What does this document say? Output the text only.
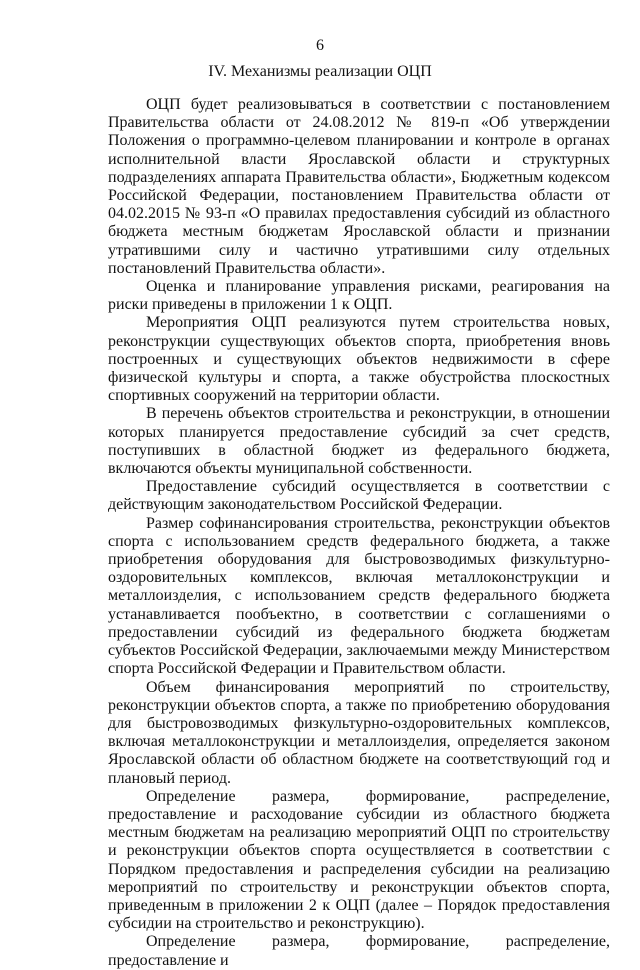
6
IV. Механизмы реализации ОЦП

ОЦП будет реализовываться в соответствии с постановлением Правительства области от 24.08.2012 № 819-п «Об утверждении Положения о программно-целевом планировании и контроле в органах исполнительной власти Ярославской области и структурных подразделениях аппарата Правительства области», Бюджетным кодексом Российской Федерации, постановлением Правительства области от 04.02.2015 № 93-п «О правилах предоставления субсидий из областного бюджета местным бюджетам Ярославской области и признании утратившими силу и частично утратившими силу отдельных постановлений Правительства области».

Оценка и планирование управления рисками, реагирования на риски приведены в приложении 1 к ОЦП.

Мероприятия ОЦП реализуются путем строительства новых, реконструкции существующих объектов спорта, приобретения вновь построенных и существующих объектов недвижимости в сфере физической культуры и спорта, а также обустройства плоскостных спортивных сооружений на территории области.

В перечень объектов строительства и реконструкции, в отношении которых планируется предоставление субсидий за счет средств, поступивших в областной бюджет из федерального бюджета, включаются объекты муниципальной собственности.

Предоставление субсидий осуществляется в соответствии с действующим законодательством Российской Федерации.

Размер софинансирования строительства, реконструкции объектов спорта с использованием средств федерального бюджета, а также приобретения оборудования для быстровозводимых физкультурно-оздоровительных комплексов, включая металлоконструкции и металлоизделия, с использованием средств федерального бюджета устанавливается пообъектно, в соответствии с соглашениями о предоставлении субсидий из федерального бюджета бюджетам субъектов Российской Федерации, заключаемыми между Министерством спорта Российской Федерации и Правительством области.

Объем финансирования мероприятий по строительству, реконструкции объектов спорта, а также по приобретению оборудования для быстровозводимых физкультурно-оздоровительных комплексов, включая металлоконструкции и металлоизделия, определяется законом Ярославской области об областном бюджете на соответствующий год и плановый период.

Определение размера, формирование, распределение, предоставление и расходование субсидии из областного бюджета местным бюджетам на реализацию мероприятий ОЦП по строительству и реконструкции объектов спорта осуществляется в соответствии с Порядком предоставления и распределения субсидии на реализацию мероприятий по строительству и реконструкции объектов спорта, приведенным в приложении 2 к ОЦП (далее – Порядок предоставления субсидии на строительство и реконструкцию).

Определение размера, формирование, распределение, предоставление и
